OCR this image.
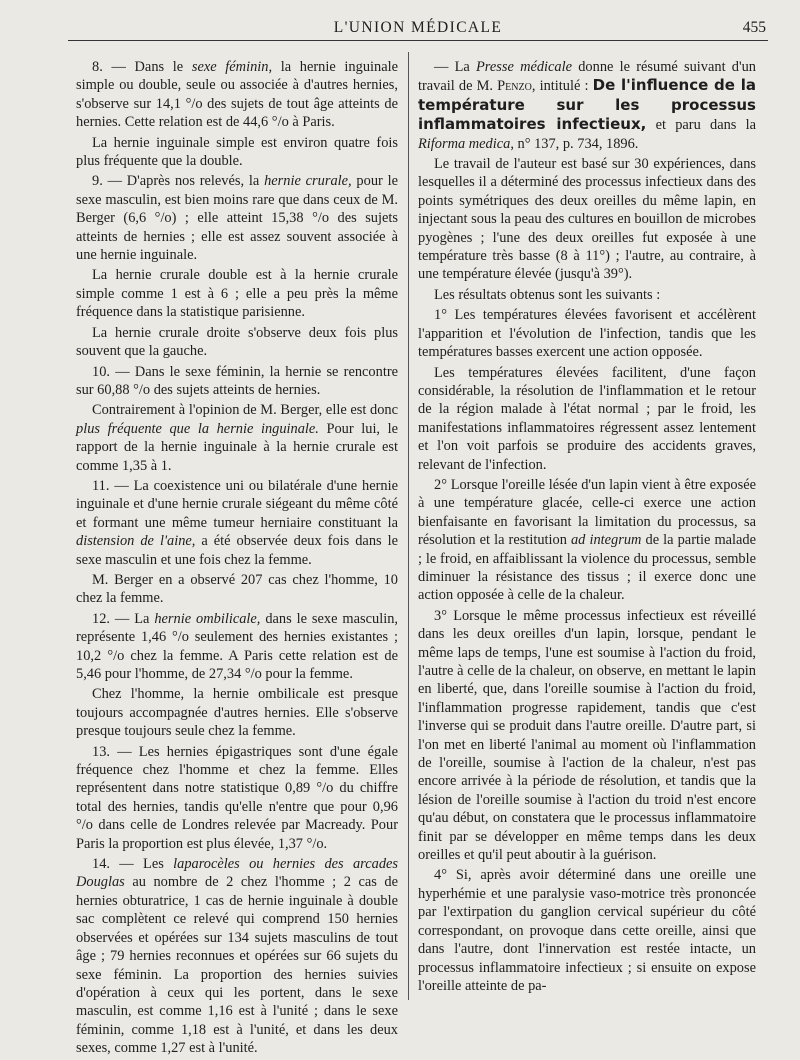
L'UNION MÉDICALE	455

8. — Dans le sexe féminin, la hernie inguinale simple ou double, seule ou associée à d'autres hernies, s'observe sur 14,1 °/o des sujets de tout âge atteints de hernies. Cette relation est de 44,6 °/o à Paris.

La hernie inguinale simple est environ quatre fois plus fréquente que la double.

9. — D'après nos relevés, la hernie crurale, pour le sexe masculin, est bien moins rare que dans ceux de M. Berger (6,6 °/o) ; elle atteint 15,38 °/o des sujets atteints de hernies ; elle est assez souvent associée à une hernie inguinale.

La hernie crurale double est à la hernie crurale simple comme 1 est à 6 ; elle a peu près la même fréquence dans la statistique parisienne.

La hernie crurale droite s'observe deux fois plus souvent que la gauche.

10. — Dans le sexe féminin, la hernie se rencontre sur 60,88 °/o des sujets atteints de hernies.

Contrairement à l'opinion de M. Berger, elle est donc plus fréquente que la hernie inguinale. Pour lui, le rapport de la hernie inguinale à la hernie crurale est comme 1,35 à 1.

11. — La coexistence uni ou bilatérale d'une hernie inguinale et d'une hernie crurale siégeant du même côté et formant une même tumeur herniaire constituant la distension de l'aine, a été observée deux fois dans le sexe masculin et une fois chez la femme.

M. Berger en a observé 207 cas chez l'homme, 10 chez la femme.

12. — La hernie ombilicale, dans le sexe masculin, représente 1,46 °/o seulement des hernies existantes ; 10,2 °/o chez la femme. A Paris cette relation est de 5,46 pour l'homme, de 27,34 °/o pour la femme.

Chez l'homme, la hernie ombilicale est presque toujours accompagnée d'autres hernies. Elle s'observe presque toujours seule chez la femme.

13. — Les hernies épigastriques sont d'une égale fréquence chez l'homme et chez la femme. Elles représentent dans notre statistique 0,89 °/o du chiffre total des hernies, tandis qu'elle n'entre que pour 0,96 °/o dans celle de Londres relevée par Macready. Pour Paris la proportion est plus élevée, 1,37 °/o.

14. — Les laparocèles ou hernies des arcades Douglas au nombre de 2 chez l'homme ; 2 cas de hernies obturatrice, 1 cas de hernie inguinale à double sac complètent ce relevé qui comprend 150 hernies observées et opérées sur 134 sujets masculins de tout âge ; 79 hernies reconnues et opérées sur 66 sujets du sexe féminin. La proportion des hernies suivies d'opération à ceux qui les portent, dans le sexe masculin, est comme 1,16 est à l'unité ; dans le sexe féminin, comme 1,18 est à l'unité, et dans les deux sexes, comme 1,27 est à l'unité.

— La Presse médicale donne le résumé suivant d'un travail de M. Penzo, intitulé : De l'influence de la température sur les processus inflammatoires infectieux, et paru dans la Riforma medica, n° 137, p. 734, 1896.

Le travail de l'auteur est basé sur 30 expériences, dans lesquelles il a déterminé des processus infectieux dans des points symétriques des deux oreilles du même lapin, en injectant sous la peau des cultures en bouillon de microbes pyogènes ; l'une des deux oreilles fut exposée à une température très basse (8 à 11°) ; l'autre, au contraire, à une température élevée (jusqu'à 39°).

Les résultats obtenus sont les suivants :

1° Les températures élevées favorisent et accélèrent l'apparition et l'évolution de l'infection, tandis que les températures basses exercent une action opposée.

Les températures élevées facilitent, d'une façon considérable, la résolution de l'inflammation et le retour de la région malade à l'état normal ; par le froid, les manifestations inflammatoires régressent assez lentement et l'on voit parfois se produire des accidents graves, relevant de l'infection.

2° Lorsque l'oreille lésée d'un lapin vient à être exposée à une température glacée, celle-ci exerce une action bienfaisante en favorisant la limitation du processus, sa résolution et la restitution ad integrum de la partie malade ; le froid, en affaiblissant la violence du processus, semble diminuer la résistance des tissus ; il exerce donc une action opposée à celle de la chaleur.

3° Lorsque le même processus infectieux est réveillé dans les deux oreilles d'un lapin, lorsque, pendant le même laps de temps, l'une est soumise à l'action du froid, l'autre à celle de la chaleur, on observe, en mettant le lapin en liberté, que, dans l'oreille soumise à l'action du froid, l'inflammation progresse rapidement, tandis que c'est l'inverse qui se produit dans l'autre oreille. D'autre part, si l'on met en liberté l'animal au moment où l'inflammation de l'oreille, soumise à l'action de la chaleur, n'est pas encore arrivée à la période de résolution, et tandis que la lésion de l'oreille soumise à l'action du troid n'est encore qu'au début, on constatera que le processus inflammatoire finit par se développer en même temps dans les deux oreilles et qu'il peut aboutir à la guérison.

4° Si, après avoir déterminé dans une oreille une hyperhémie et une paralysie vaso-motrice très prononcée par l'extirpation du ganglion cervical supérieur du côté correspondant, on provoque dans cette oreille, ainsi que dans l'autre, dont l'innervation est restée intacte, un processus inflammatoire infectieux ; si ensuite on expose l'oreille atteinte de pa-
